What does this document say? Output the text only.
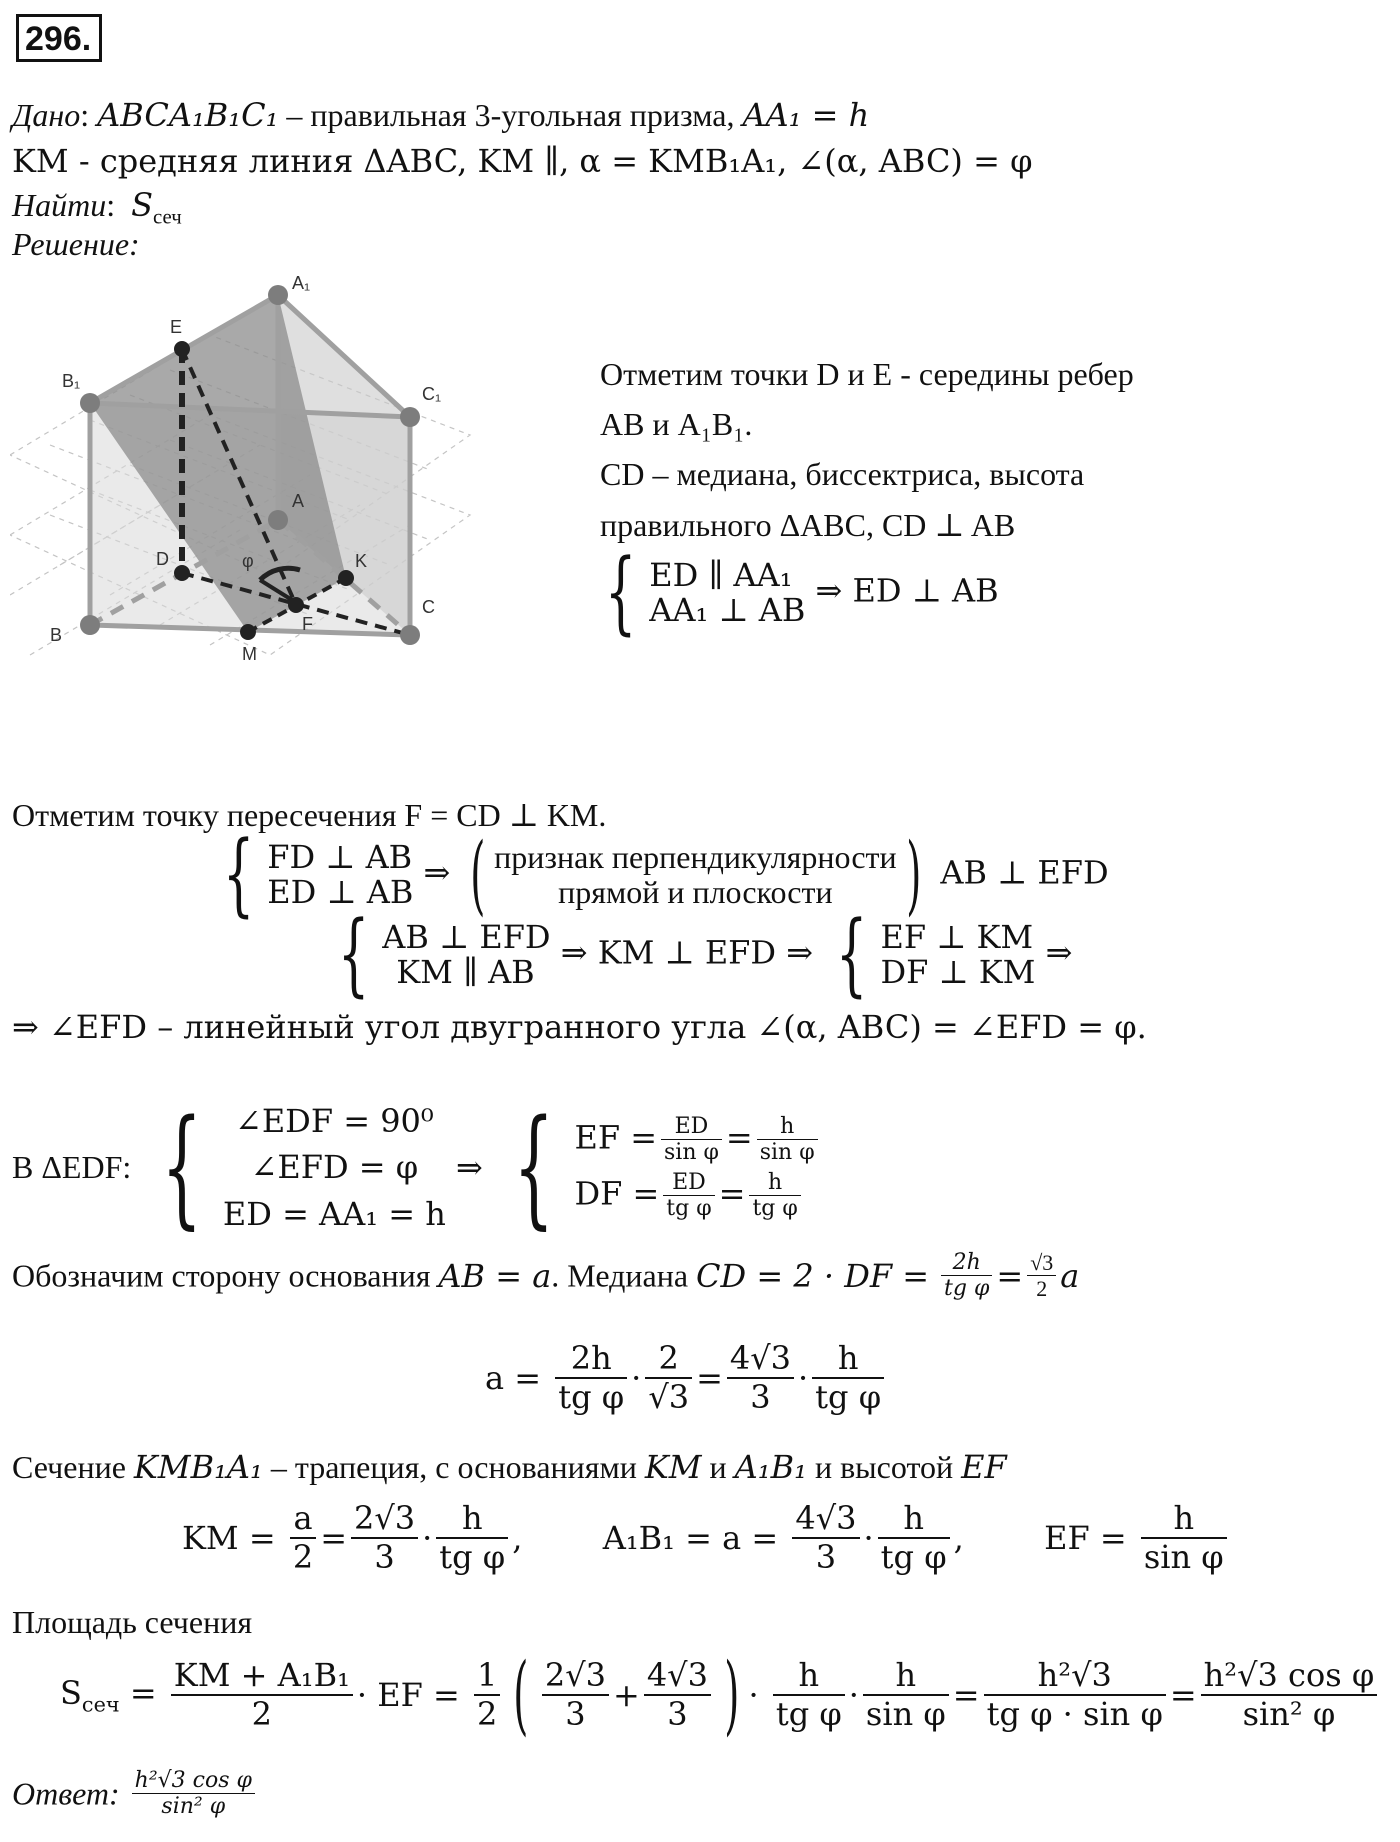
296.
Дано: ABCA₁B₁C₁ – правильная 3-угольная призма, AA₁ = h
KM - средняя линия ΔABC, KM ∥, α = KMB₁A₁, ∠(α, ABC) = φ
Найти:  $S_{сеч}$
Решение:
A₁
B₁
C₁
E
A
D	φ	K
F
B
C
M
Отметим точки D и E - середины ребер
AB и A₁B₁.
CD – медиана, биссектриса, высота
правильного ΔABC, CD ⊥ AB
{ ED ∥ AA₁
AA₁ ⊥ AB
⇒ ED ⊥ AB
Отметим точку пересечения F = CD ⊥ KM.
{ FD ⊥ AB
ED ⊥ AB
⇒ ( признак перпендикулярности
прямой и плоскости ) AB ⊥ EFD
{ AB ⊥ EFD
KM ∥ AB
⇒ KM ⊥ EFD ⇒ { EF ⊥ KM
DF ⊥ KM
⇒
⇒ ∠EFD – линейный угол двугранного угла ∠(α, ABC) = ∠EFD = φ.
В ΔEDF: {	∠EDF = 90⁰
∠EFD = φ
ED = AA₁ = h
⇒ { EF = $\frac{ED}{\text{sin φ}} = \frac{h}{\text{sin φ}}$
DF = $\frac{ED}{\text{tg φ}} = \frac{h}{\text{tg φ}}$
Обозначим сторону основания AB = a. Медиана CD = 2 · DF = $\frac{2h}{\text{tg φ}} = \frac{√3}{2}$ a
$a = \frac{2h}{\text{tg φ}} \cdot \frac{2}{√3} = \frac{4√3}{3} \cdot \frac{h}{\text{tg φ}}$
Сечение KMB₁A₁ – трапеция, с основаниями KM и A₁B₁ и высотой EF
KM = $\frac{a}{2} = \frac{2√3}{3} \cdot \frac{h}{\text{tg φ}}$ ,	$A_1B_1 = a = \frac{4√3}{3} \cdot \frac{h}{\text{tg φ}}$ ,	EF = $\frac{h}{\text{sin φ}}$
Площадь сечения
$S_{сеч} = \frac{\text{KM + A₁B₁}}{2}$ · EF = $\frac{1}{2}$ ( $\frac{2√3}{3} + \frac{4√3}{3}$ ) · $\frac{h}{\text{tg φ}} \cdot \frac{h}{\text{sin φ}} = \frac{\text{h²√3}}{\text{tg φ · sin φ}} = \frac{\text{h²√3 cos φ}}{\text{sin² φ}}$
Ответ: $\frac{\text{h²√3 cos φ}}{\text{sin² φ}}$
